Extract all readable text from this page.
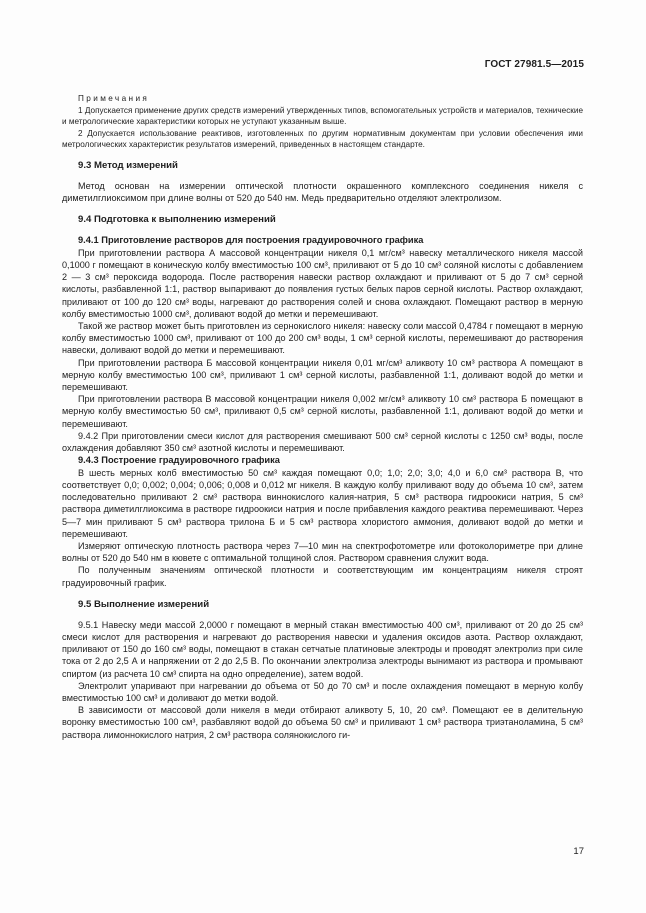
ГОСТ 27981.5—2015

Примечания

1 Допускается применение других средств измерений утвержденных типов, вспомогательных устройств и материалов, технические и метрологические характеристики которых не уступают указанным выше.

2 Допускается использование реактивов, изготовленных по другим нормативным документам при условии обеспечения ими метрологических характеристик результатов измерений, приведенных в настоящем стандарте.

9.3 Метод измерений

Метод основан на измерении оптической плотности окрашенного комплексного соединения никеля с диметилглиоксимом при длине волны от 520 до 540 нм. Медь предварительно отделяют электролизом.

9.4 Подготовка к выполнению измерений
9.4.1 Приготовление растворов для построения градуировочного графика

При приготовлении раствора А массовой концентрации никеля 0,1 мг/см³ навеску металлического никеля массой 0,1000 г помещают в коническую колбу вместимостью 100 см³, приливают от 5 до 10 см³ соляной кислоты с добавлением 2 — 3 см³ пероксида водорода. После растворения навески раствор охлаждают и приливают от 5 до 7 см³ серной кислоты, разбавленной 1:1, раствор выпаривают до появления густых белых паров серной кислоты. Раствор охлаждают, приливают от 100 до 120 см³ воды, нагревают до растворения солей и снова охлаждают. Помещают раствор в мерную колбу вместимостью 1000 см³, доливают водой до метки и перемешивают.

Такой же раствор может быть приготовлен из сернокислого никеля: навеску соли массой 0,4784 г помещают в мерную колбу вместимостью 1000 см³, приливают от 100 до 200 см³ воды, 1 см³ серной кислоты, перемешивают до растворения навески, доливают водой до метки и перемешивают.

При приготовлении раствора Б массовой концентрации никеля 0,01 мг/см³ аликвоту 10 см³ раствора А помещают в мерную колбу вместимостью 100 см³, приливают 1 см³ серной кислоты, разбавленной 1:1, доливают водой до метки и перемешивают.

При приготовлении раствора В массовой концентрации никеля 0,002 мг/см³ аликвоту 10 см³ раствора Б помещают в мерную колбу вместимостью 50 см³, приливают 0,5 см³ серной кислоты, разбавленной 1:1, доливают водой до метки и перемешивают.

9.4.2 При приготовлении смеси кислот для растворения смешивают 500 см³ серной кислоты с 1250 см³ воды, после охлаждения добавляют 350 см³ азотной кислоты и перемешивают.

9.4.3 Построение градуировочного графика

В шесть мерных колб вместимостью 50 см³ каждая помещают 0,0; 1,0; 2,0; 3,0; 4,0 и 6,0 см³ раствора В, что соответствует 0,0; 0,002; 0,004; 0,006; 0,008 и 0,012 мг никеля. В каждую колбу приливают воду до объема 10 см³, затем последовательно приливают 2 см³ раствора виннокислого калия-натрия, 5 см³ раствора гидроокиси натрия, 5 см³ раствора диметилглиоксима в растворе гидроокиси натрия и после прибавления каждого реактива перемешивают. Через 5—7 мин приливают 5 см³ раствора трилона Б и 5 см³ раствора хлористого аммония, доливают водой до метки и перемешивают.

Измеряют оптическую плотность раствора через 7—10 мин на спектрофотометре или фотоколориметре при длине волны от 520 до 540 нм в кювете с оптимальной толщиной слоя. Раствором сравнения служит вода.

По полученным значениям оптической плотности и соответствующим им концентрациям никеля строят градуировочный график.

9.5 Выполнение измерений

9.5.1 Навеску меди массой 2,0000 г помещают в мерный стакан вместимостью 400 см³, приливают от 20 до 25 см³ смеси кислот для растворения и нагревают до растворения навески и удаления оксидов азота. Раствор охлаждают, приливают от 150 до 160 см³ воды, помещают в стакан сетчатые платиновые электроды и проводят электролиз при силе тока от 2 до 2,5 А и напряжении от 2 до 2,5 В. По окончании электролиза электроды вынимают из раствора и промывают спиртом (из расчета 10 см³ спирта на одно определение), затем водой.

Электролит упаривают при нагревании до объема от 50 до 70 см³ и после охлаждения помещают в мерную колбу вместимостью 100 см³ и доливают до метки водой.

В зависимости от массовой доли никеля в меди отбирают аликвоту 5, 10, 20 см³. Помещают ее в делительную воронку вместимостью 100 см³, разбавляют водой до объема 50 см³ и приливают 1 см³ раствора триэтаноламина, 5 см³ раствора лимоннокислого натрия, 2 см³ раствора солянокислого ги-

17
